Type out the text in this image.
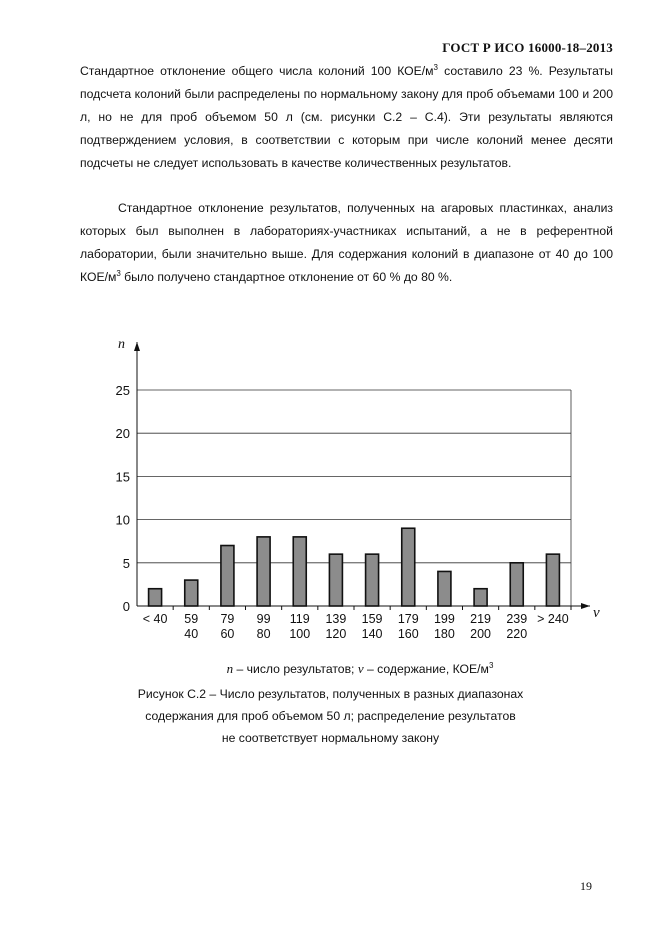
ГОСТ Р ИСО 16000-18–2013
Стандартное отклонение общего числа колоний 100 КОЕ/$м^3$ составило 23 %. Результаты подсчета колоний были распределены по нормальному закону для проб объемами 100 и 200 л, но не для проб объемом 50 л (см. рисунки С.2 – С.4). Эти результаты являются подтверждением условия, в соответствии с которым при числе колоний менее десяти подсчеты не следует использовать в качестве количественных результатов.
Стандартное отклонение результатов, полученных на агаровых пластинках, анализ которых был выполнен в лабораториях-участниках испытаний, а не в референтной лаборатории, были значительно выше. Для содержания колоний в диапазоне от 40 до 100 КОЕ/$м^3$ было получено стандартное отклонение от 60 % до 80 %.
0
5
10
15
20
25
< 40 59
40
79
60
99
80
119
100
139
120
159
140
179
160
199
180
219
200
239
220
> 240
n
ν
n – число результатов; ν – содержание, КОЕ/$м^3$
Рисунок С.2 – Число результатов, полученных в разных диапазонах
содержания для проб объемом 50 л; распределение результатов
не соответствует нормальному закону
19
